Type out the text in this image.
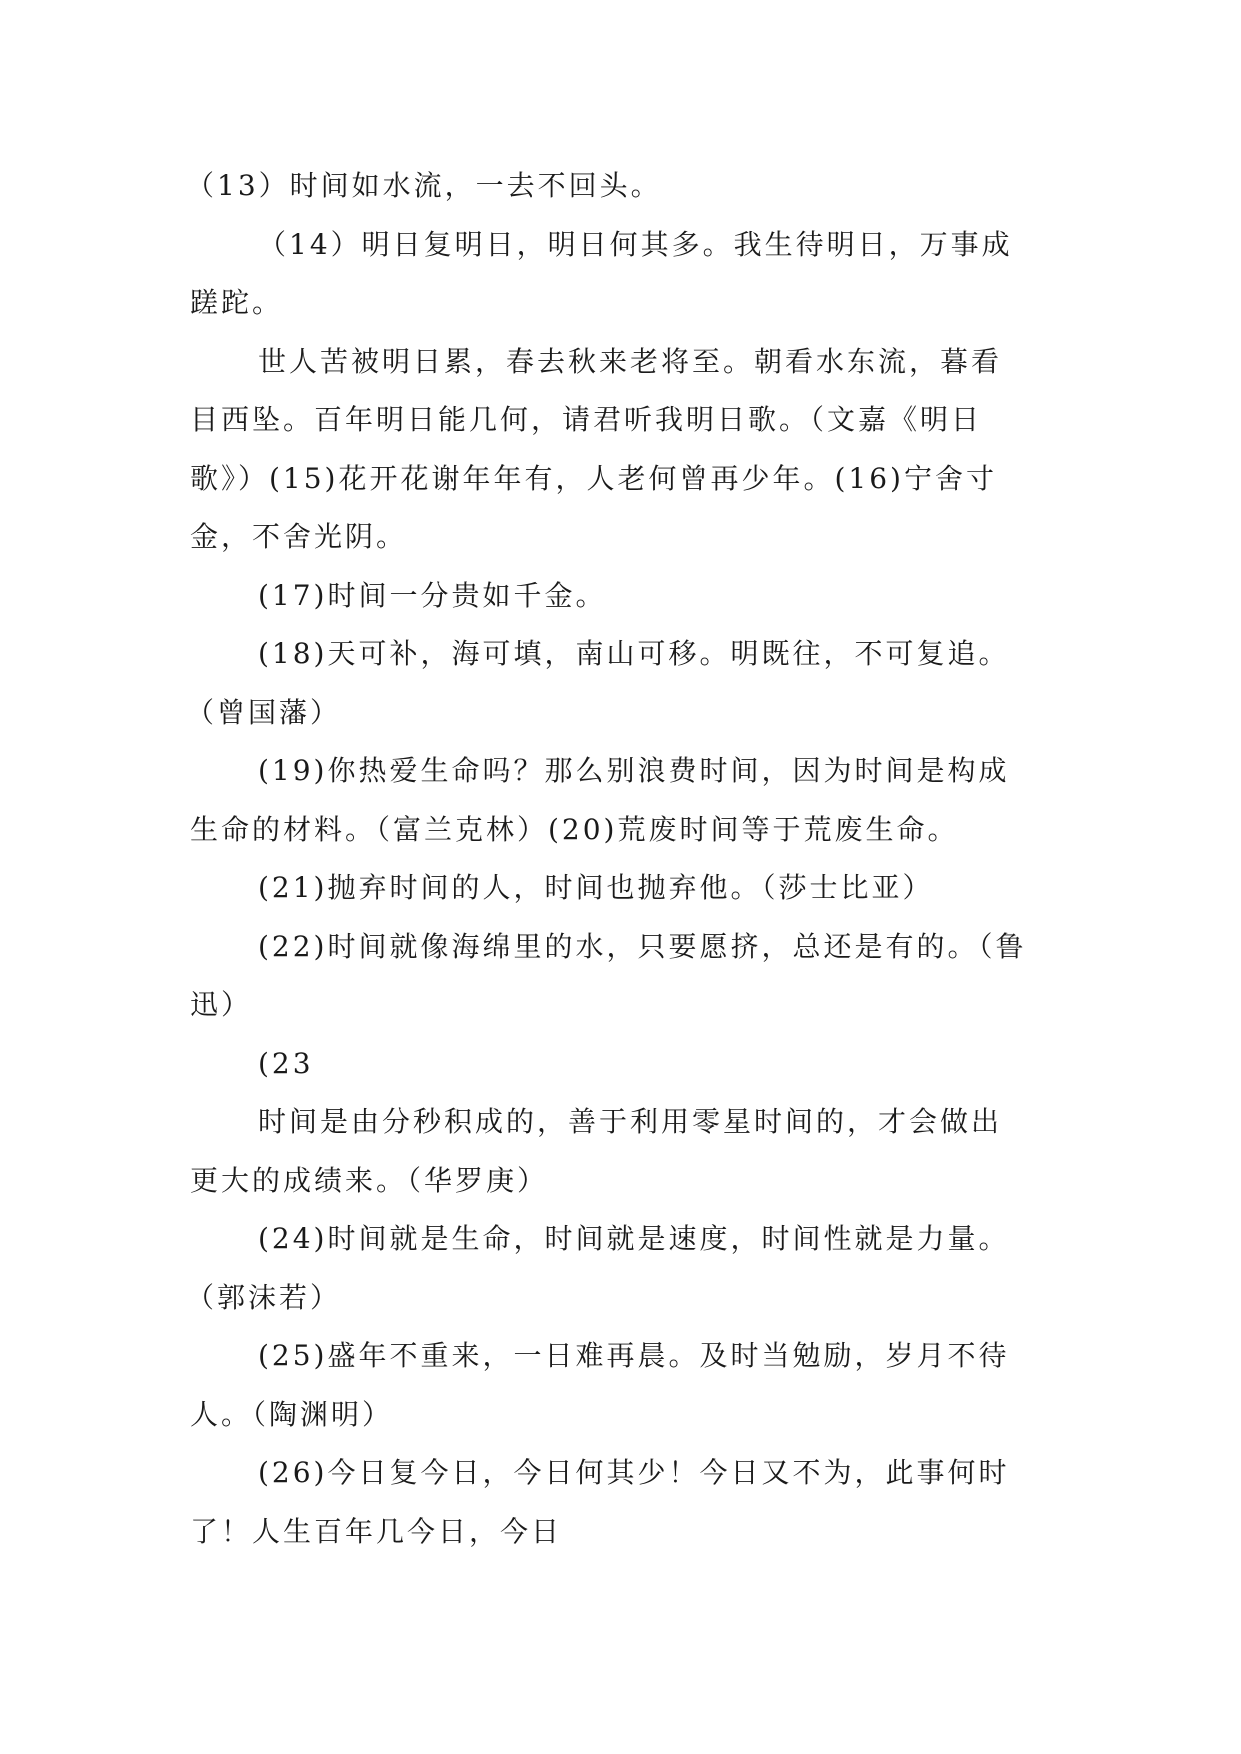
（13）时间如水流，一去不回头。

（14）明日复明日，明日何其多。我生待明日，万事成

蹉跎。

世人苦被明日累，春去秋来老将至。朝看水东流，暮看

目西坠。百年明日能几何，请君听我明日歌。（文嘉《明日

歌》）(15)花开花谢年年有，人老何曾再少年。(16)宁舍寸

金，不舍光阴。

(17)时间一分贵如千金。

(18)天可补，海可填，南山可移。明既往，不可复追。

（曾国藩）

(19)你热爱生命吗？那么别浪费时间，因为时间是构成

生命的材料。（富兰克林）(20)荒废时间等于荒废生命。

(21)抛弃时间的人，时间也抛弃他。（莎士比亚）

(22)时间就像海绵里的水，只要愿挤，总还是有的。（鲁

迅）

(23

时间是由分秒积成的，善于利用零星时间的，才会做出

更大的成绩来。（华罗庚）

(24)时间就是生命，时间就是速度，时间性就是力量。

（郭沫若）

(25)盛年不重来，一日难再晨。及时当勉励，岁月不待

人。（陶渊明）

(26)今日复今日，今日何其少！今日又不为，此事何时

了！人生百年几今日，今日
